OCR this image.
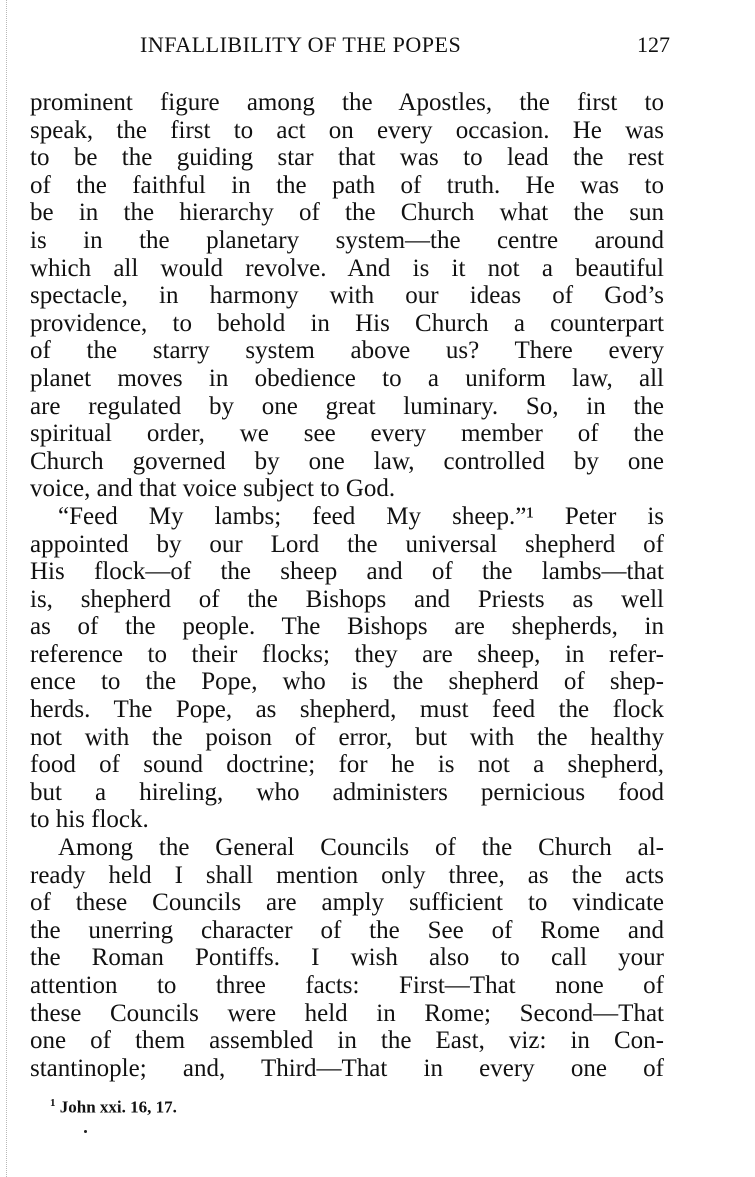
INFALLIBILITY OF THE POPES	127
prominent figure among the Apostles, the first to
speak, the first to act on every occasion. He was
to be the guiding star that was to lead the rest
of the faithful in the path of truth. He was to
be in the hierarchy of the Church what the sun
is in the planetary system—the centre around
which all would revolve. And is it not a beautiful
spectacle, in harmony with our ideas of God’s
providence, to behold in His Church a counterpart
of the starry system above us? There every
planet moves in obedience to a uniform law, all
are regulated by one great luminary. So, in the
spiritual order, we see every member of the
Church governed by one law, controlled by one
voice, and that voice subject to God.
“Feed My lambs; feed My sheep.”¹ Peter is
appointed by our Lord the universal shepherd of
His flock—of the sheep and of the lambs—that
is, shepherd of the Bishops and Priests as well
as of the people. The Bishops are shepherds, in
reference to their flocks; they are sheep, in refer-
ence to the Pope, who is the shepherd of shep-
herds. The Pope, as shepherd, must feed the flock
not with the poison of error, but with the healthy
food of sound doctrine; for he is not a shepherd,
but a hireling, who administers pernicious food
to his flock.
Among the General Councils of the Church al-
ready held I shall mention only three, as the acts
of these Councils are amply sufficient to vindicate
the unerring character of the See of Rome and
the Roman Pontiffs. I wish also to call your
attention to three facts: First—That none of
these Councils were held in Rome; Second—That
one of them assembled in the East, viz: in Con-
stantinople; and, Third—That in every one of
$^1$ John xxi. 16, 17.
